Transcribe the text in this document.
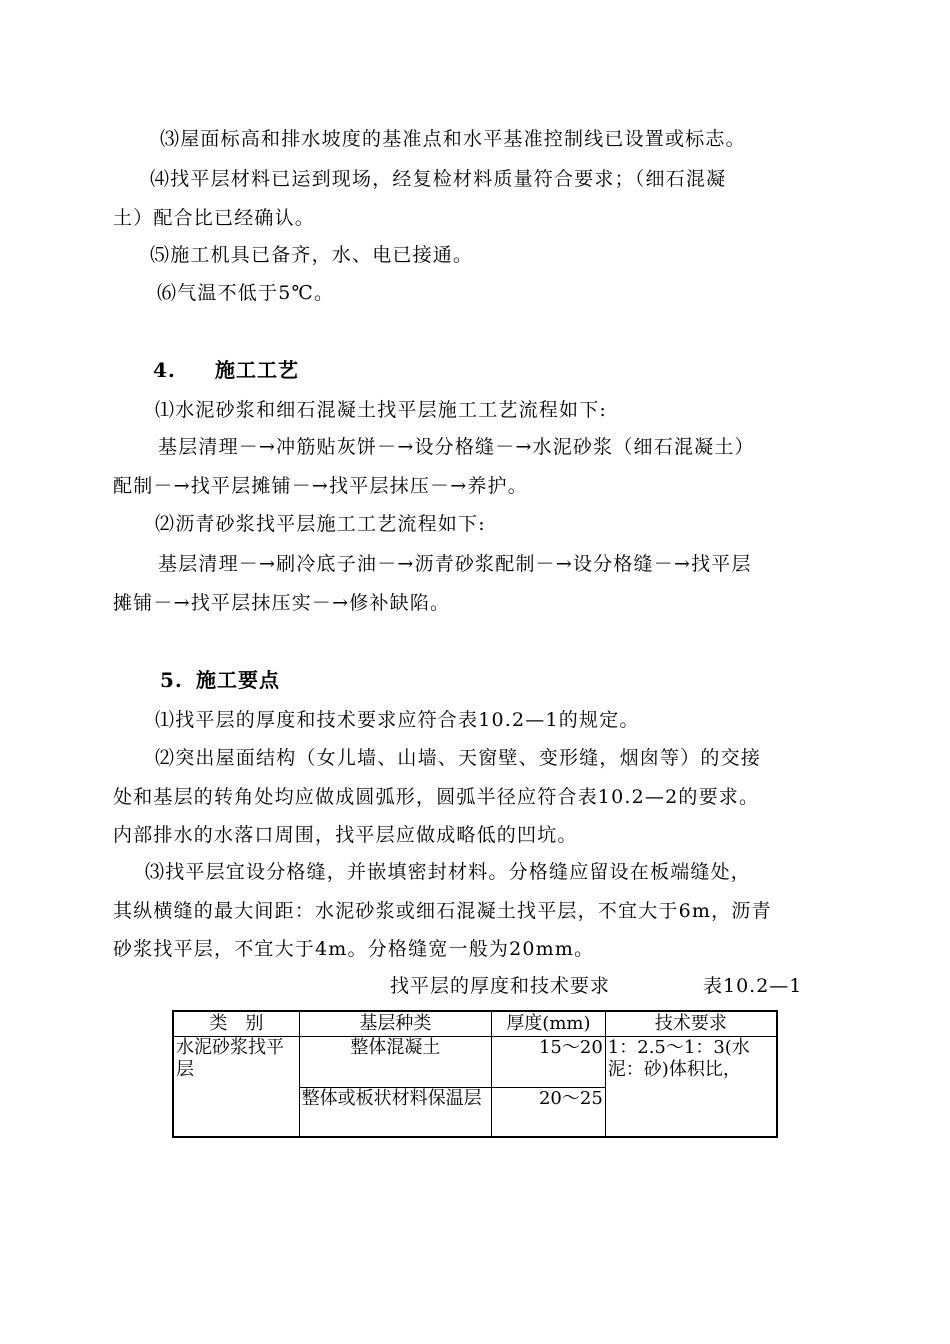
⑶屋面标高和排水坡度的基准点和水平基准控制线已设置或标志。
⑷找平层材料已运到现场，经复检材料质量符合要求；（细石混凝
土）配合比已经确认。
⑸施工机具已备齐，水、电已接通。
⑹气温不低于5℃。
4. 施工工艺
⑴水泥砂浆和细石混凝土找平层施工工艺流程如下:
基层清理－→冲筋贴灰饼－→设分格缝－→水泥砂浆（细石混凝土）
配制－→找平层摊铺－→找平层抹压－→养护。
⑵沥青砂浆找平层施工工艺流程如下:
基层清理－→刷冷底子油－→沥青砂浆配制－→设分格缝－→找平层
摊铺－→找平层抹压实－→修补缺陷。
5. 施工要点
⑴找平层的厚度和技术要求应符合表10.2—1的规定。
⑵突出屋面结构（女儿墙、山墙、天窗壁、变形缝，烟囱等）的交接
处和基层的转角处均应做成圆弧形，圆弧半径应符合表10.2—2的要求。
内部排水的水落口周围，找平层应做成略低的凹坑。
⑶找平层宜设分格缝，并嵌填密封材料。分格缝应留设在板端缝处，
其纵横缝的最大间距：水泥砂浆或细石混凝土找平层，不宜大于6m，沥青
砂浆找平层，不宜大于4m。分格缝宽一般为20mm。
找平层的厚度和技术要求	表10.2—1
类　别	基层种类	厚度(mm)	技术要求
水泥砂浆找平层	整体混凝土	15～20	1：2.5～1：3(水泥：砂)体积比，
	整体或板状材料保温层	20～25	
